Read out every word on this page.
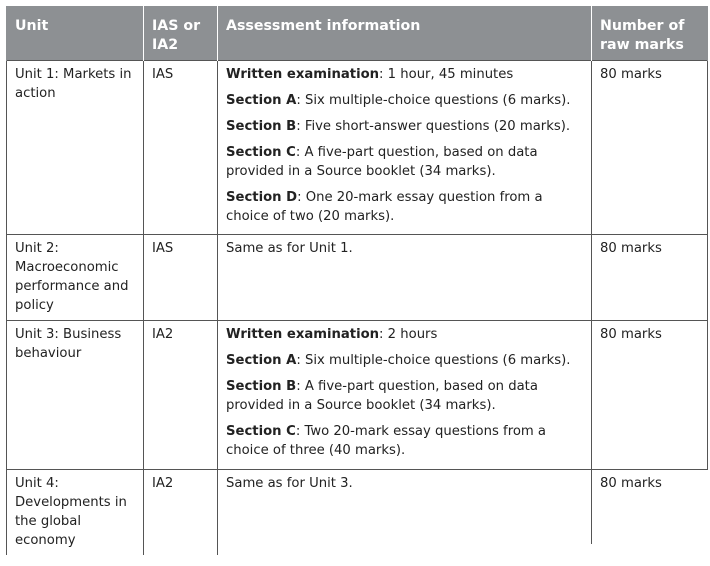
Unit	IAS or IA2	Assessment information	Number of raw marks
Unit 1: Markets in action	IAS	Written examination: 1 hour, 45 minutes
Section A: Six multiple-choice questions (6 marks).
Section B: Five short-answer questions (20 marks).
Section C: A five-part question, based on data provided in a Source booklet (34 marks).
Section D: One 20-mark essay question from a choice of two (20 marks).	80 marks
Unit 2: Macroeconomic performance and policy	IAS	Same as for Unit 1.	80 marks
Unit 3: Business behaviour	IA2	Written examination: 2 hours
Section A: Six multiple-choice questions (6 marks).
Section B: A five-part question, based on data provided in a Source booklet (34 marks).
Section C: Two 20-mark essay questions from a choice of three (40 marks).	80 marks
Unit 4: Developments in the global economy	IA2	Same as for Unit 3.	80 marks
